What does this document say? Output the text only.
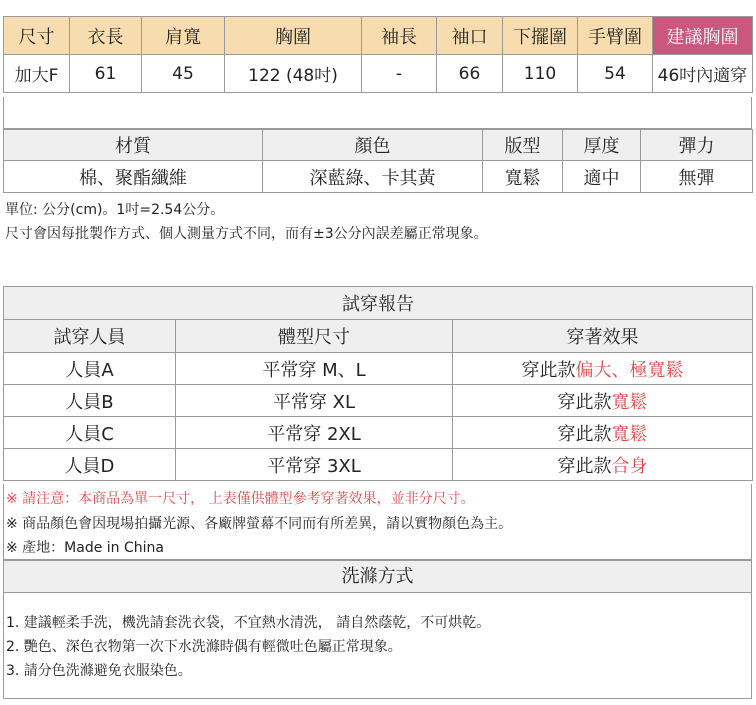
尺寸	衣長	肩寬	胸圍	袖長	袖口	下擺圍	手臂圍	建議胸圍
加大F	61	45	122 (48吋)	-	66	110	54	46吋內適穿
材質	顏色	版型	厚度	彈力
棉、聚酯纖維	深藍綠、卡其黃	寬鬆	適中	無彈
單位: 公分(cm)。1吋=2.54公分。
尺寸會因每批製作方式、個人測量方式不同，而有±3公分內誤差屬正常現象。
試穿報告		
試穿人員	體型尺寸	穿著效果
人員A	平常穿 M、L	穿此款偏大、極寬鬆
人員B	平常穿 XL	穿此款寬鬆
人員C	平常穿 2XL	穿此款寬鬆
人員D	平常穿 3XL	穿此款合身
※ 請注意：本商品為單一尺寸， 上表僅供體型參考穿著效果，並非分尺寸。
※ 商品顏色會因現場拍攝光源、各廠牌螢幕不同而有所差異，請以實物顏色為主。
※ 產地：Made in China
洗滌方式
1. 建議輕柔手洗，機洗請套洗衣袋，不宜熱水清洗， 請自然蔭乾，不可烘乾。
2. 艷色、深色衣物第一次下水洗滌時偶有輕微吐色屬正常現象。
3. 請分色洗滌避免衣服染色。
